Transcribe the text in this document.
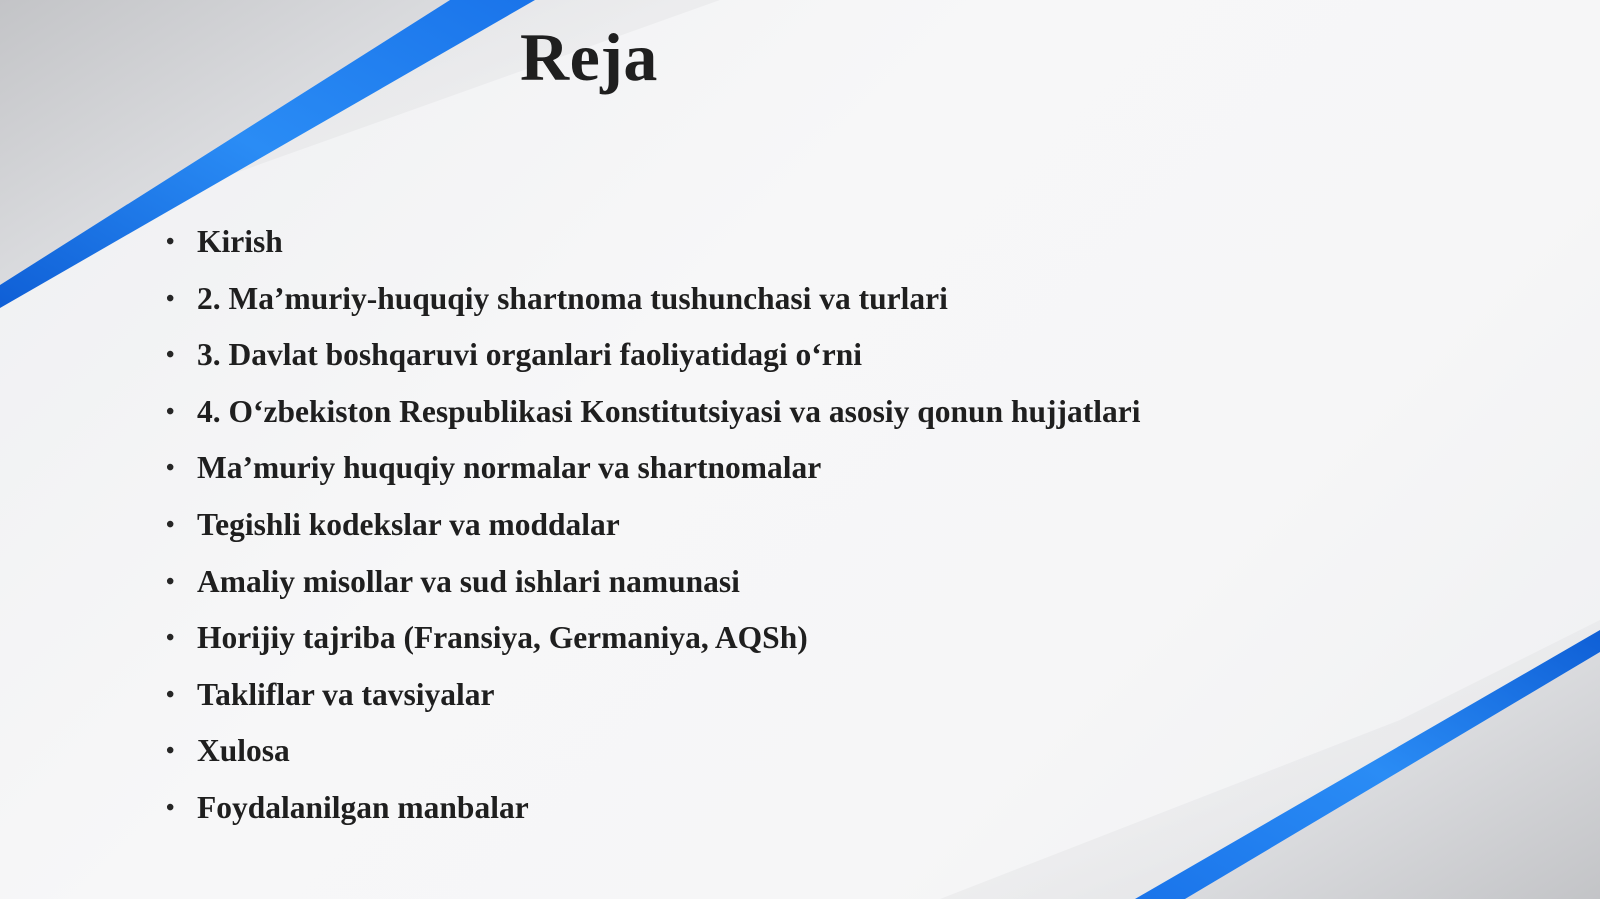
Reja
• Kirish
• 2. Ma’muriy-huquqiy shartnoma tushunchasi va turlari
• 3. Davlat boshqaruvi organlari faoliyatidagi o‘rni
• 4. O‘zbekiston Respublikasi Konstitutsiyasi va asosiy qonun hujjatlari
• Ma’muriy huquqiy normalar va shartnomalar
• Tegishli kodekslar va moddalar
• Amaliy misollar va sud ishlari namunasi
• Horijiy tajriba (Fransiya, Germaniya, AQSh)
• Takliflar va tavsiyalar
• Xulosa
• Foydalanilgan manbalar
